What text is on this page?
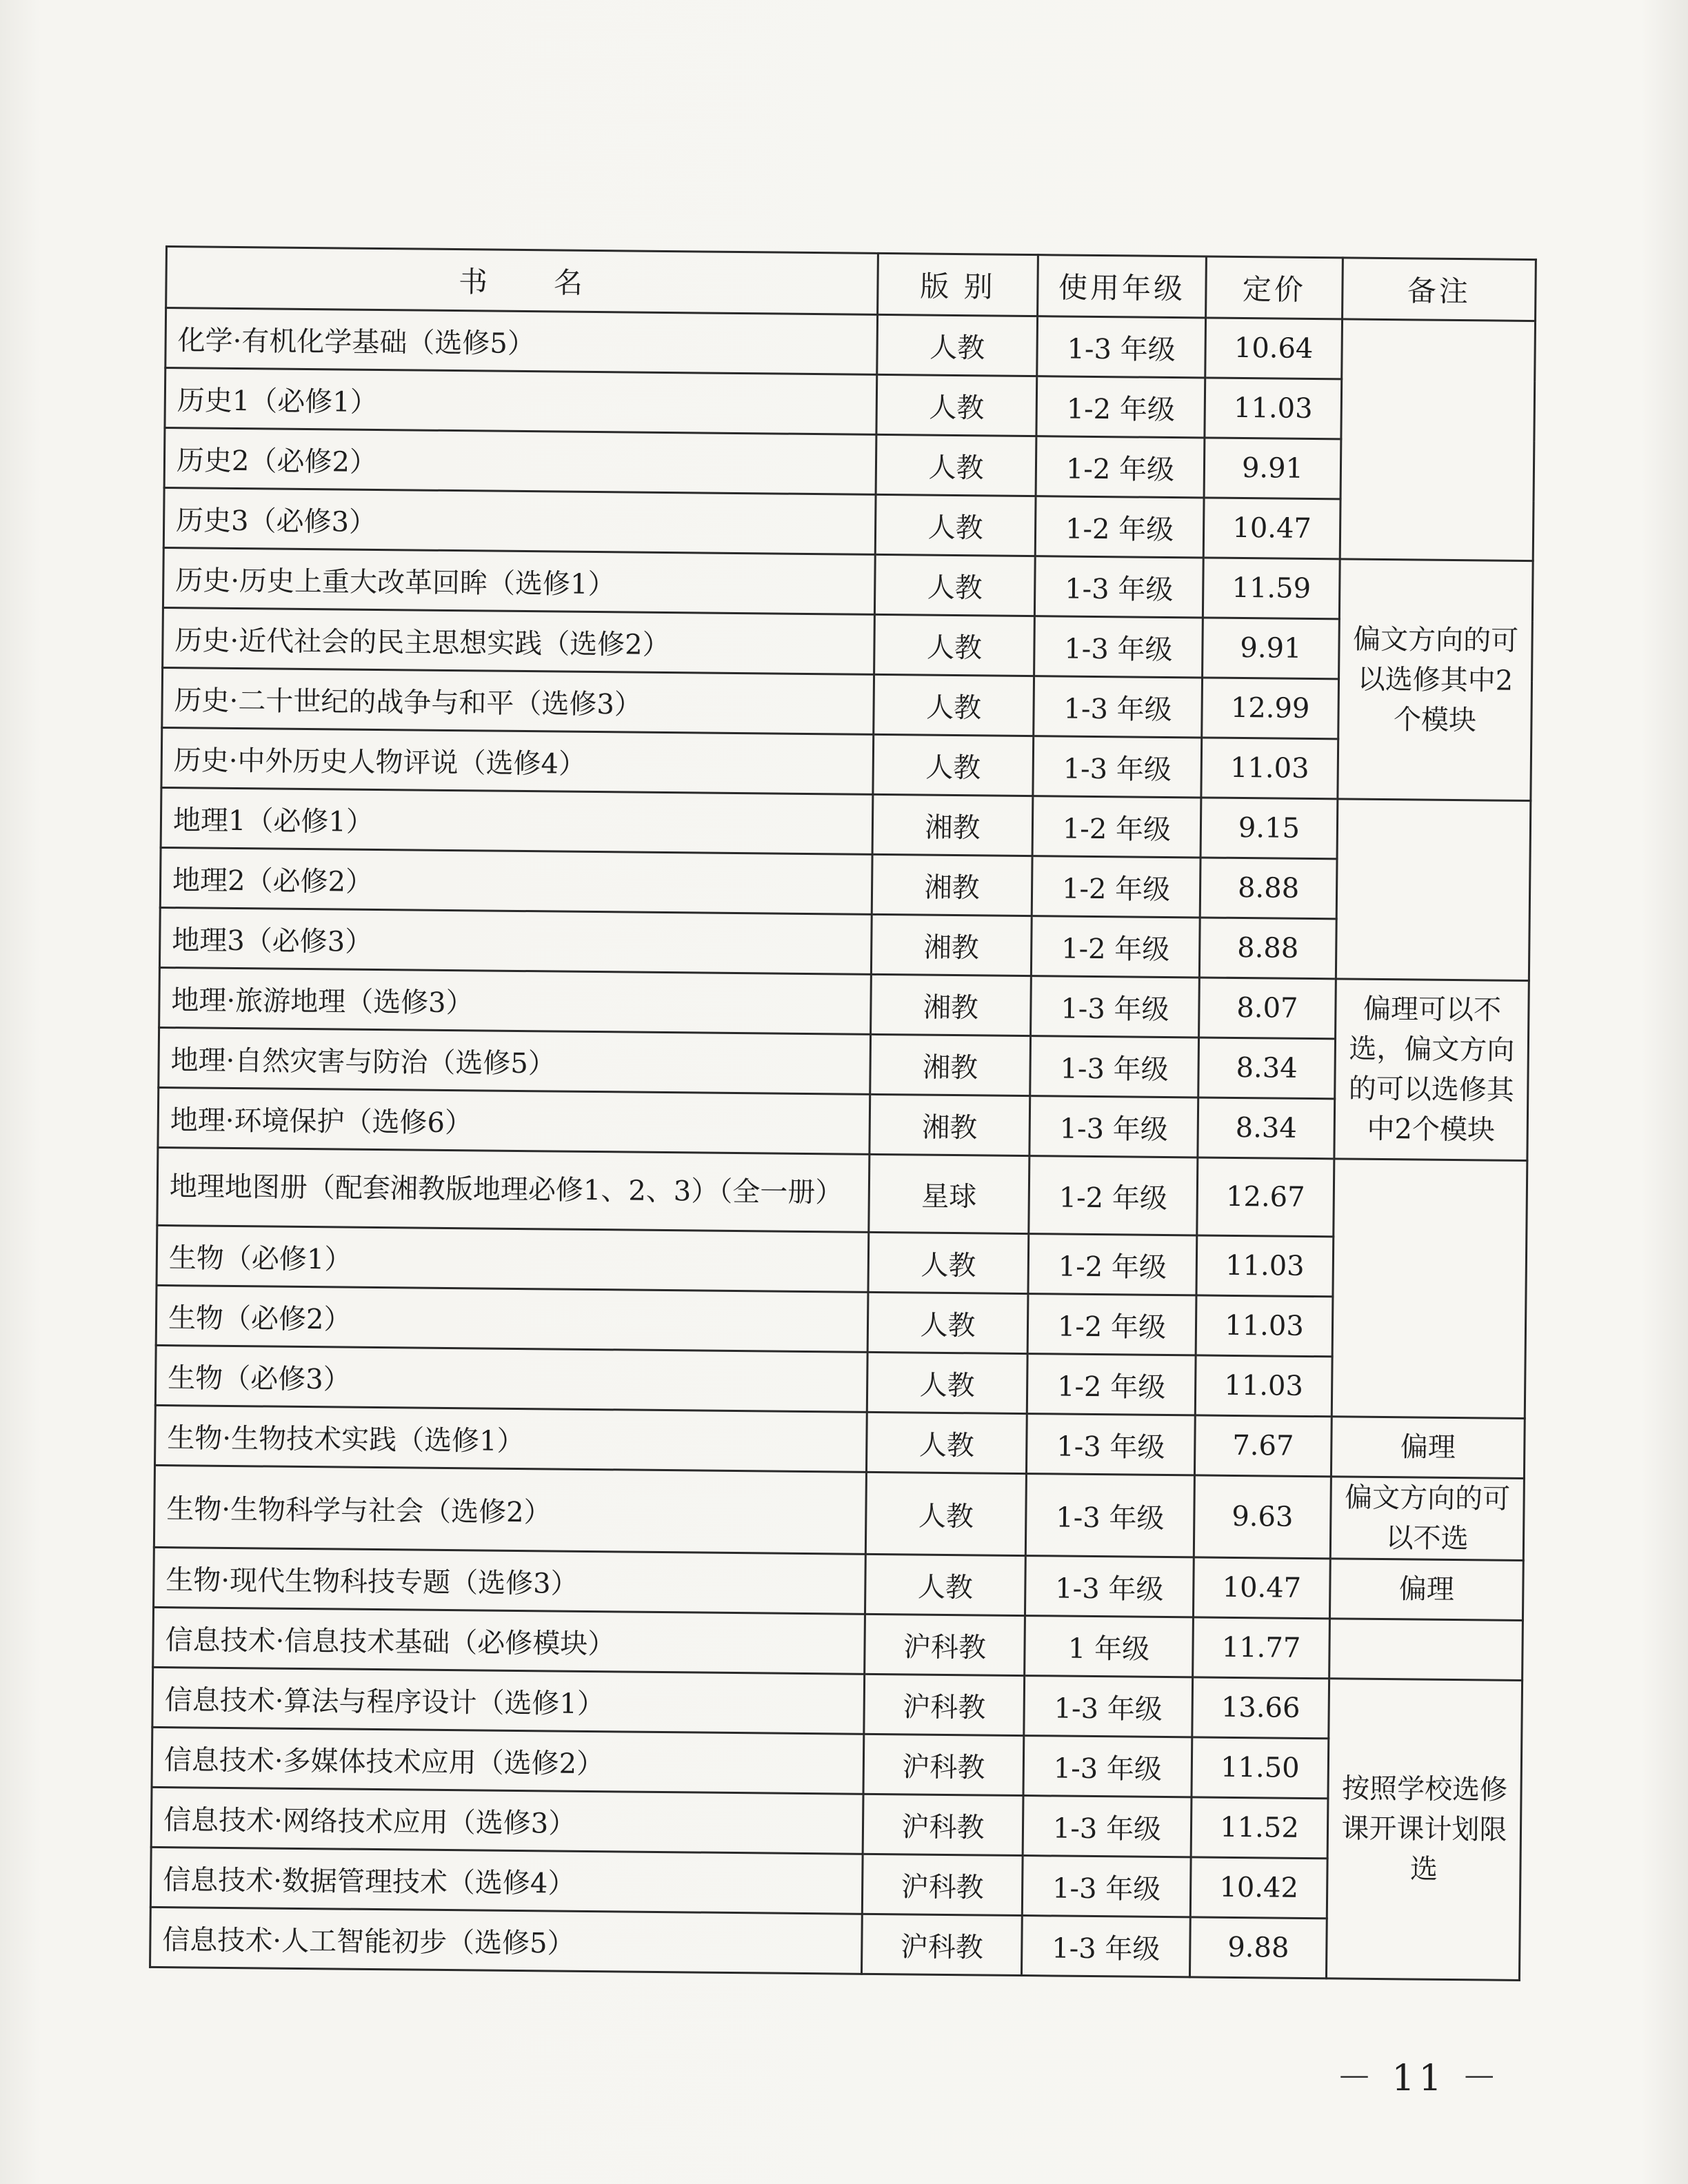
书　　名	版 别	使用年级	定价	备注
化学·有机化学基础（选修5）	人教	1-3 年级	10.64	
历史1（必修1）	人教	1-2 年级	11.03	
历史2（必修2）	人教	1-2 年级	9.91	
历史3（必修3）	人教	1-2 年级	10.47	
历史·历史上重大改革回眸（选修1）	人教	1-3 年级	11.59	偏文方向的可以选修其中2个模块
历史·近代社会的民主思想实践（选修2）	人教	1-3 年级	9.91	
历史·二十世纪的战争与和平（选修3）	人教	1-3 年级	12.99	
历史·中外历史人物评说（选修4）	人教	1-3 年级	11.03	
地理1（必修1）	湘教	1-2 年级	9.15	
地理2（必修2）	湘教	1-2 年级	8.88	
地理3（必修3）	湘教	1-2 年级	8.88	
地理·旅游地理（选修3）	湘教	1-3 年级	8.07	偏理可以不选，偏文方向的可以选修其中2个模块
地理·自然灾害与防治（选修5）	湘教	1-3 年级	8.34	
地理·环境保护（选修6）	湘教	1-3 年级	8.34	
地理地图册（配套湘教版地理必修1、2、3）（全一册）	星球	1-2 年级	12.67	
生物（必修1）	人教	1-2 年级	11.03	
生物（必修2）	人教	1-2 年级	11.03	
生物（必修3）	人教	1-2 年级	11.03	
生物·生物技术实践（选修1）	人教	1-3 年级	7.67	偏理
生物·生物科学与社会（选修2）	人教	1-3 年级	9.63	偏文方向的可以不选
生物·现代生物科技专题（选修3）	人教	1-3 年级	10.47	偏理
信息技术·信息技术基础（必修模块）	沪科教	1 年级	11.77	
信息技术·算法与程序设计（选修1）	沪科教	1-3 年级	13.66	按照学校选修课开课计划限选
信息技术·多媒体技术应用（选修2）	沪科教	1-3 年级	11.50	
信息技术·网络技术应用（选修3）	沪科教	1-3 年级	11.52	
信息技术·数据管理技术（选修4）	沪科教	1-3 年级	10.42	
信息技术·人工智能初步（选修5）	沪科教	1-3 年级	9.88	
－ 11 －
